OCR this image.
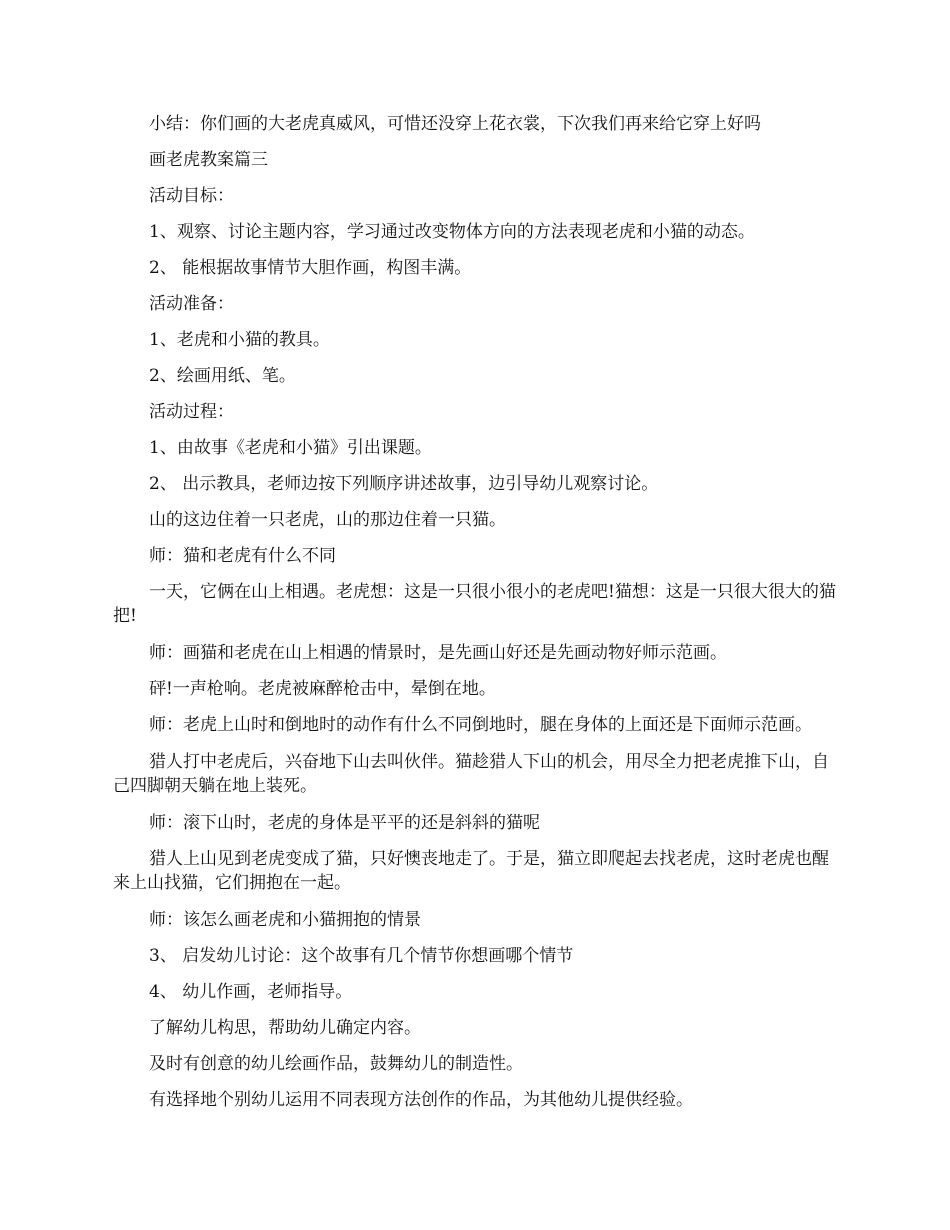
小结：你们画的大老虎真威风，可惜还没穿上花衣裳，下次我们再来给它穿上好吗

画老虎教案篇三

活动目标：

1、观察、讨论主题内容，学习通过改变物体方向的方法表现老虎和小猫的动态。

2、 能根据故事情节大胆作画，构图丰满。

活动准备：

1、老虎和小猫的教具。

2、绘画用纸、笔。

活动过程：

1、由故事《老虎和小猫》引出课题。

2、 出示教具，老师边按下列顺序讲述故事，边引导幼儿观察讨论。

山的这边住着一只老虎，山的那边住着一只猫。

师：猫和老虎有什么不同

一天，它俩在山上相遇。老虎想：这是一只很小很小的老虎吧!猫想：这是一只很大很大的猫把!

师：画猫和老虎在山上相遇的情景时，是先画山好还是先画动物好师示范画。

砰!一声枪响。老虎被麻醉枪击中，晕倒在地。

师：老虎上山时和倒地时的动作有什么不同倒地时，腿在身体的上面还是下面师示范画。

猎人打中老虎后，兴奋地下山去叫伙伴。猫趁猎人下山的机会，用尽全力把老虎推下山，自己四脚朝天躺在地上装死。

师：滚下山时，老虎的身体是平平的还是斜斜的猫呢

猎人上山见到老虎变成了猫，只好懊丧地走了。于是，猫立即爬起去找老虎，这时老虎也醒来上山找猫，它们拥抱在一起。

师：该怎么画老虎和小猫拥抱的情景

3、 启发幼儿讨论：这个故事有几个情节你想画哪个情节

4、 幼儿作画，老师指导。

了解幼儿构思，帮助幼儿确定内容。

及时有创意的幼儿绘画作品，鼓舞幼儿的制造性。

有选择地个别幼儿运用不同表现方法创作的作品，为其他幼儿提供经验。
